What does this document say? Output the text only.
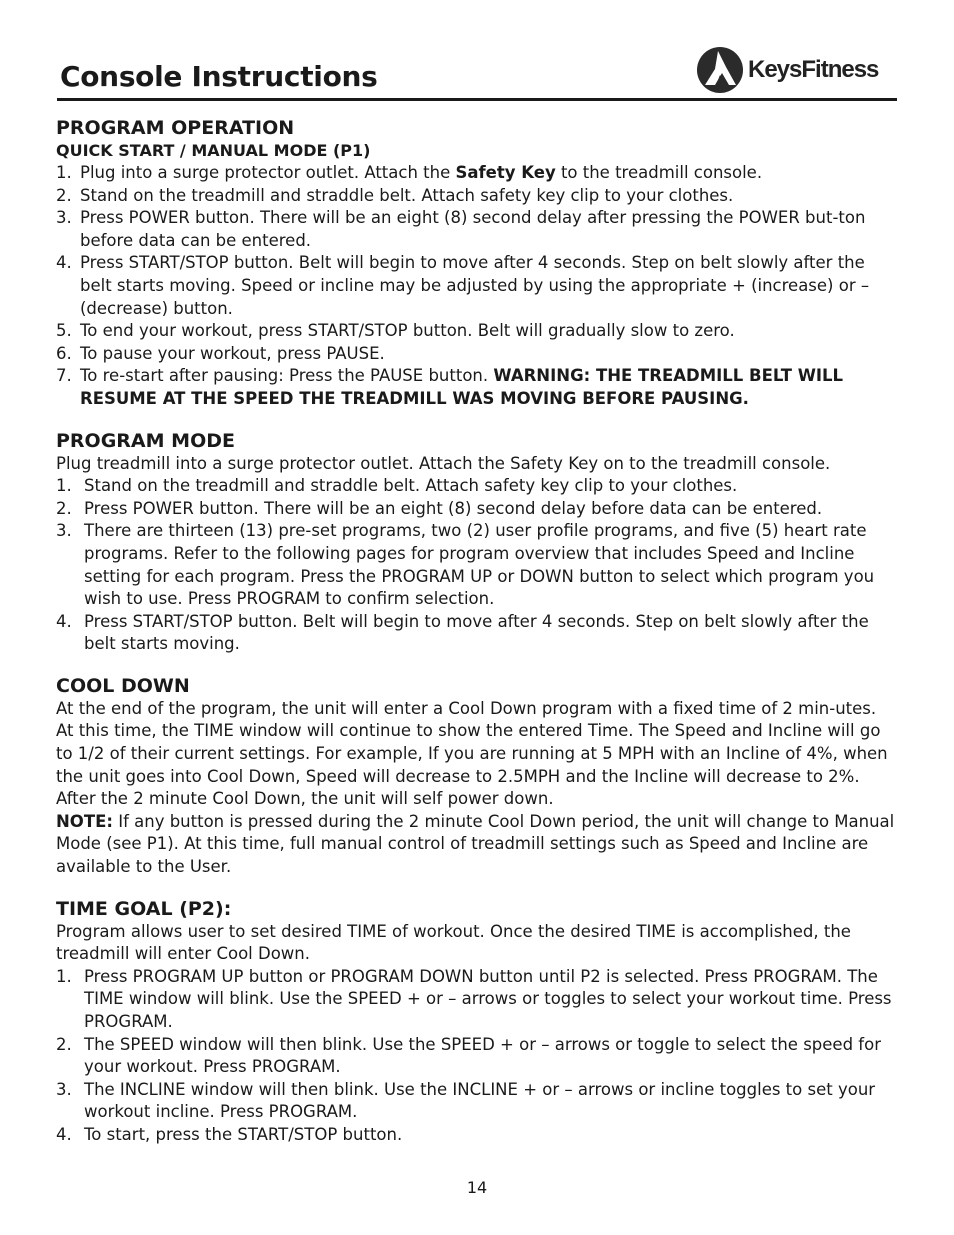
Console Instructions	KeysFitness
PROGRAM OPERATION
QUICK START / MANUAL MODE (P1)
1. Plug into a surge protector outlet. Attach the Safety Key to the treadmill console.
2. Stand on the treadmill and straddle belt. Attach safety key clip to your clothes.
3. Press POWER button. There will be an eight (8) second delay after pressing the POWER but-ton before data can be entered.
4. Press START/STOP button. Belt will begin to move after 4 seconds. Step on belt slowly after the belt starts moving. Speed or incline may be adjusted by using the appropriate + (increase) or – (decrease) button.
5. To end your workout, press START/STOP button. Belt will gradually slow to zero.
6. To pause your workout, press PAUSE.
7. To re-start after pausing: Press the PAUSE button. WARNING: THE TREADMILL BELT WILL RESUME AT THE SPEED THE TREADMILL WAS MOVING BEFORE PAUSING.
PROGRAM MODE

Plug treadmill into a surge protector outlet. Attach the Safety Key on to the treadmill console.

1. Stand on the treadmill and straddle belt. Attach safety key clip to your clothes.
2. Press POWER button. There will be an eight (8) second delay before data can be entered.
3. There are thirteen (13) pre-set programs, two (2) user profile programs, and five (5) heart rate programs. Refer to the following pages for program overview that includes Speed and Incline setting for each program. Press the PROGRAM UP or DOWN button to select which program you wish to use. Press PROGRAM to confirm selection.
4. Press START/STOP button. Belt will begin to move after 4 seconds. Step on belt slowly after the belt starts moving.
COOL DOWN

At the end of the program, the unit will enter a Cool Down program with a fixed time of 2 min-utes. At this time, the TIME window will continue to show the entered Time. The Speed and Incline will go to 1/2 of their current settings. For example, If you are running at 5 MPH with an Incline of 4%, when the unit goes into Cool Down, Speed will decrease to 2.5MPH and the Incline will decrease to 2%. After the 2 minute Cool Down, the unit will self power down.

NOTE: If any button is pressed during the 2 minute Cool Down period, the unit will change to Manual Mode (see P1). At this time, full manual control of treadmill settings such as Speed and Incline are available to the User.

TIME GOAL (P2):

Program allows user to set desired TIME of workout. Once the desired TIME is accomplished, the treadmill will enter Cool Down.

1. Press PROGRAM UP button or PROGRAM DOWN button until P2 is selected. Press PROGRAM. The TIME window will blink. Use the SPEED + or – arrows or toggles to select your workout time. Press PROGRAM.
2. The SPEED window will then blink. Use the SPEED + or – arrows or toggle to select the speed for your workout. Press PROGRAM.
3. The INCLINE window will then blink. Use the INCLINE + or – arrows or incline toggles to set your workout incline. Press PROGRAM.
4. To start, press the START/STOP button.
14
